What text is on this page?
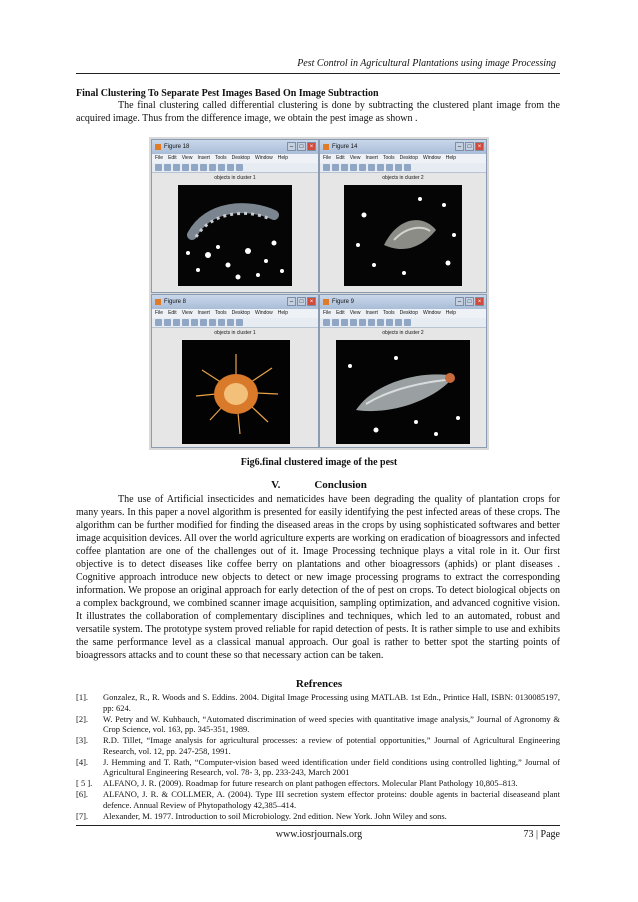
Pest Control in Agricultural Plantations using image Processing
Final Clustering To Separate Pest Images Based On Image Subtraction
The final clustering called differential clustering is done by subtracting the clustered plant image from the acquired image. Thus from the difference image, we obtain the pest image as shown .
Figure 18	–	□	×
File Edit View Insert Tools Desktop Window Help
objects in cluster 1
Figure 14	–	□	×
File Edit View Insert Tools Desktop Window Help
objects in cluster 2
Figure 8	–	□	×
File Edit View Insert Tools Desktop Window Help
objects in cluster 1
Figure 9	–	□	×
File Edit View Insert Tools Desktop Window Help
objects in cluster 2
Fig6.final clustered image of the pest
V.	Conclusion
The use of Artificial insecticides and nematicides have been degrading the quality of plantation crops for many years. In this paper a novel algorithm is presented for easily identifying the pest infected areas of these crops. The algorithm can be further modified for finding the diseased areas in the crops by using sophisticated softwares and better image acquisition devices. All over the world agriculture experts are working on eradication of bioagressors and infected coffee plantation are one of the challenges out of it. Image Processing technique plays a vital role in it. Our first objective is to detect diseases like coffee berry on plantations and other bioagressors (aphids) or plant diseases . Cognitive approach introduce new objects to detect or new image processing programs to extract the corresponding information. We propose an original approach for early detection of the of pest on crops. To detect biological objects on a complex background, we combined scanner image acquisition, sampling optimization, and advanced cognitive vision. It illustrates the collaboration of complementary disciplines and techniques, which led to an automated, robust and versatile system. The prototype system proved reliable for rapid detection of pests. It is rather simple to use and exhibits the same performance level as a classical manual approach. Our goal is rather to better spot the starting points of bioagressors attacks and to count these so that necessary action can be taken.
Refrences
[1].	Gonzalez, R., R. Woods and S. Eddins. 2004. Digital Image Processing using MATLAB. 1st Edn., Printice Hall, ISBN: 0130085197, pp: 624.
[2].	W. Petry and W. Kuhbauch, “Automated discrimination of weed species with quantitative image analysis,” Journal of Agronomy & Crop Science, vol. 163, pp. 345-351, 1989.
[3].	R.D. Tillet, “Image analysis for agricultural processes: a review of potential opportunities,” Journal of Agricultural Engineering Research, vol. 12, pp. 247-258, 1991.
[4].	J. Hemming and T. Rath, “Computer-vision based weed identification under field conditions using controlled lighting,” Journal of Agricultural Engineering Research, vol. 78- 3, pp. 233-243, March 2001
[ 5 ].	ALFANO, J. R. (2009). Roadmap for future research on plant pathogen effectors. Molecular Plant Pathology 10,805–813.
[6].	ALFANO, J. R. & COLLMER, A. (2004). Type III secretion system effector proteins: double agents in bacterial diseaseand plant defence. Annual Review of Phytopathology 42,385–414.
[7].	Alexander, M. 1977. Introduction to soil Microbiology. 2nd edition. New York. John Wiley and sons.
www.iosrjournals.org	73 | Page
